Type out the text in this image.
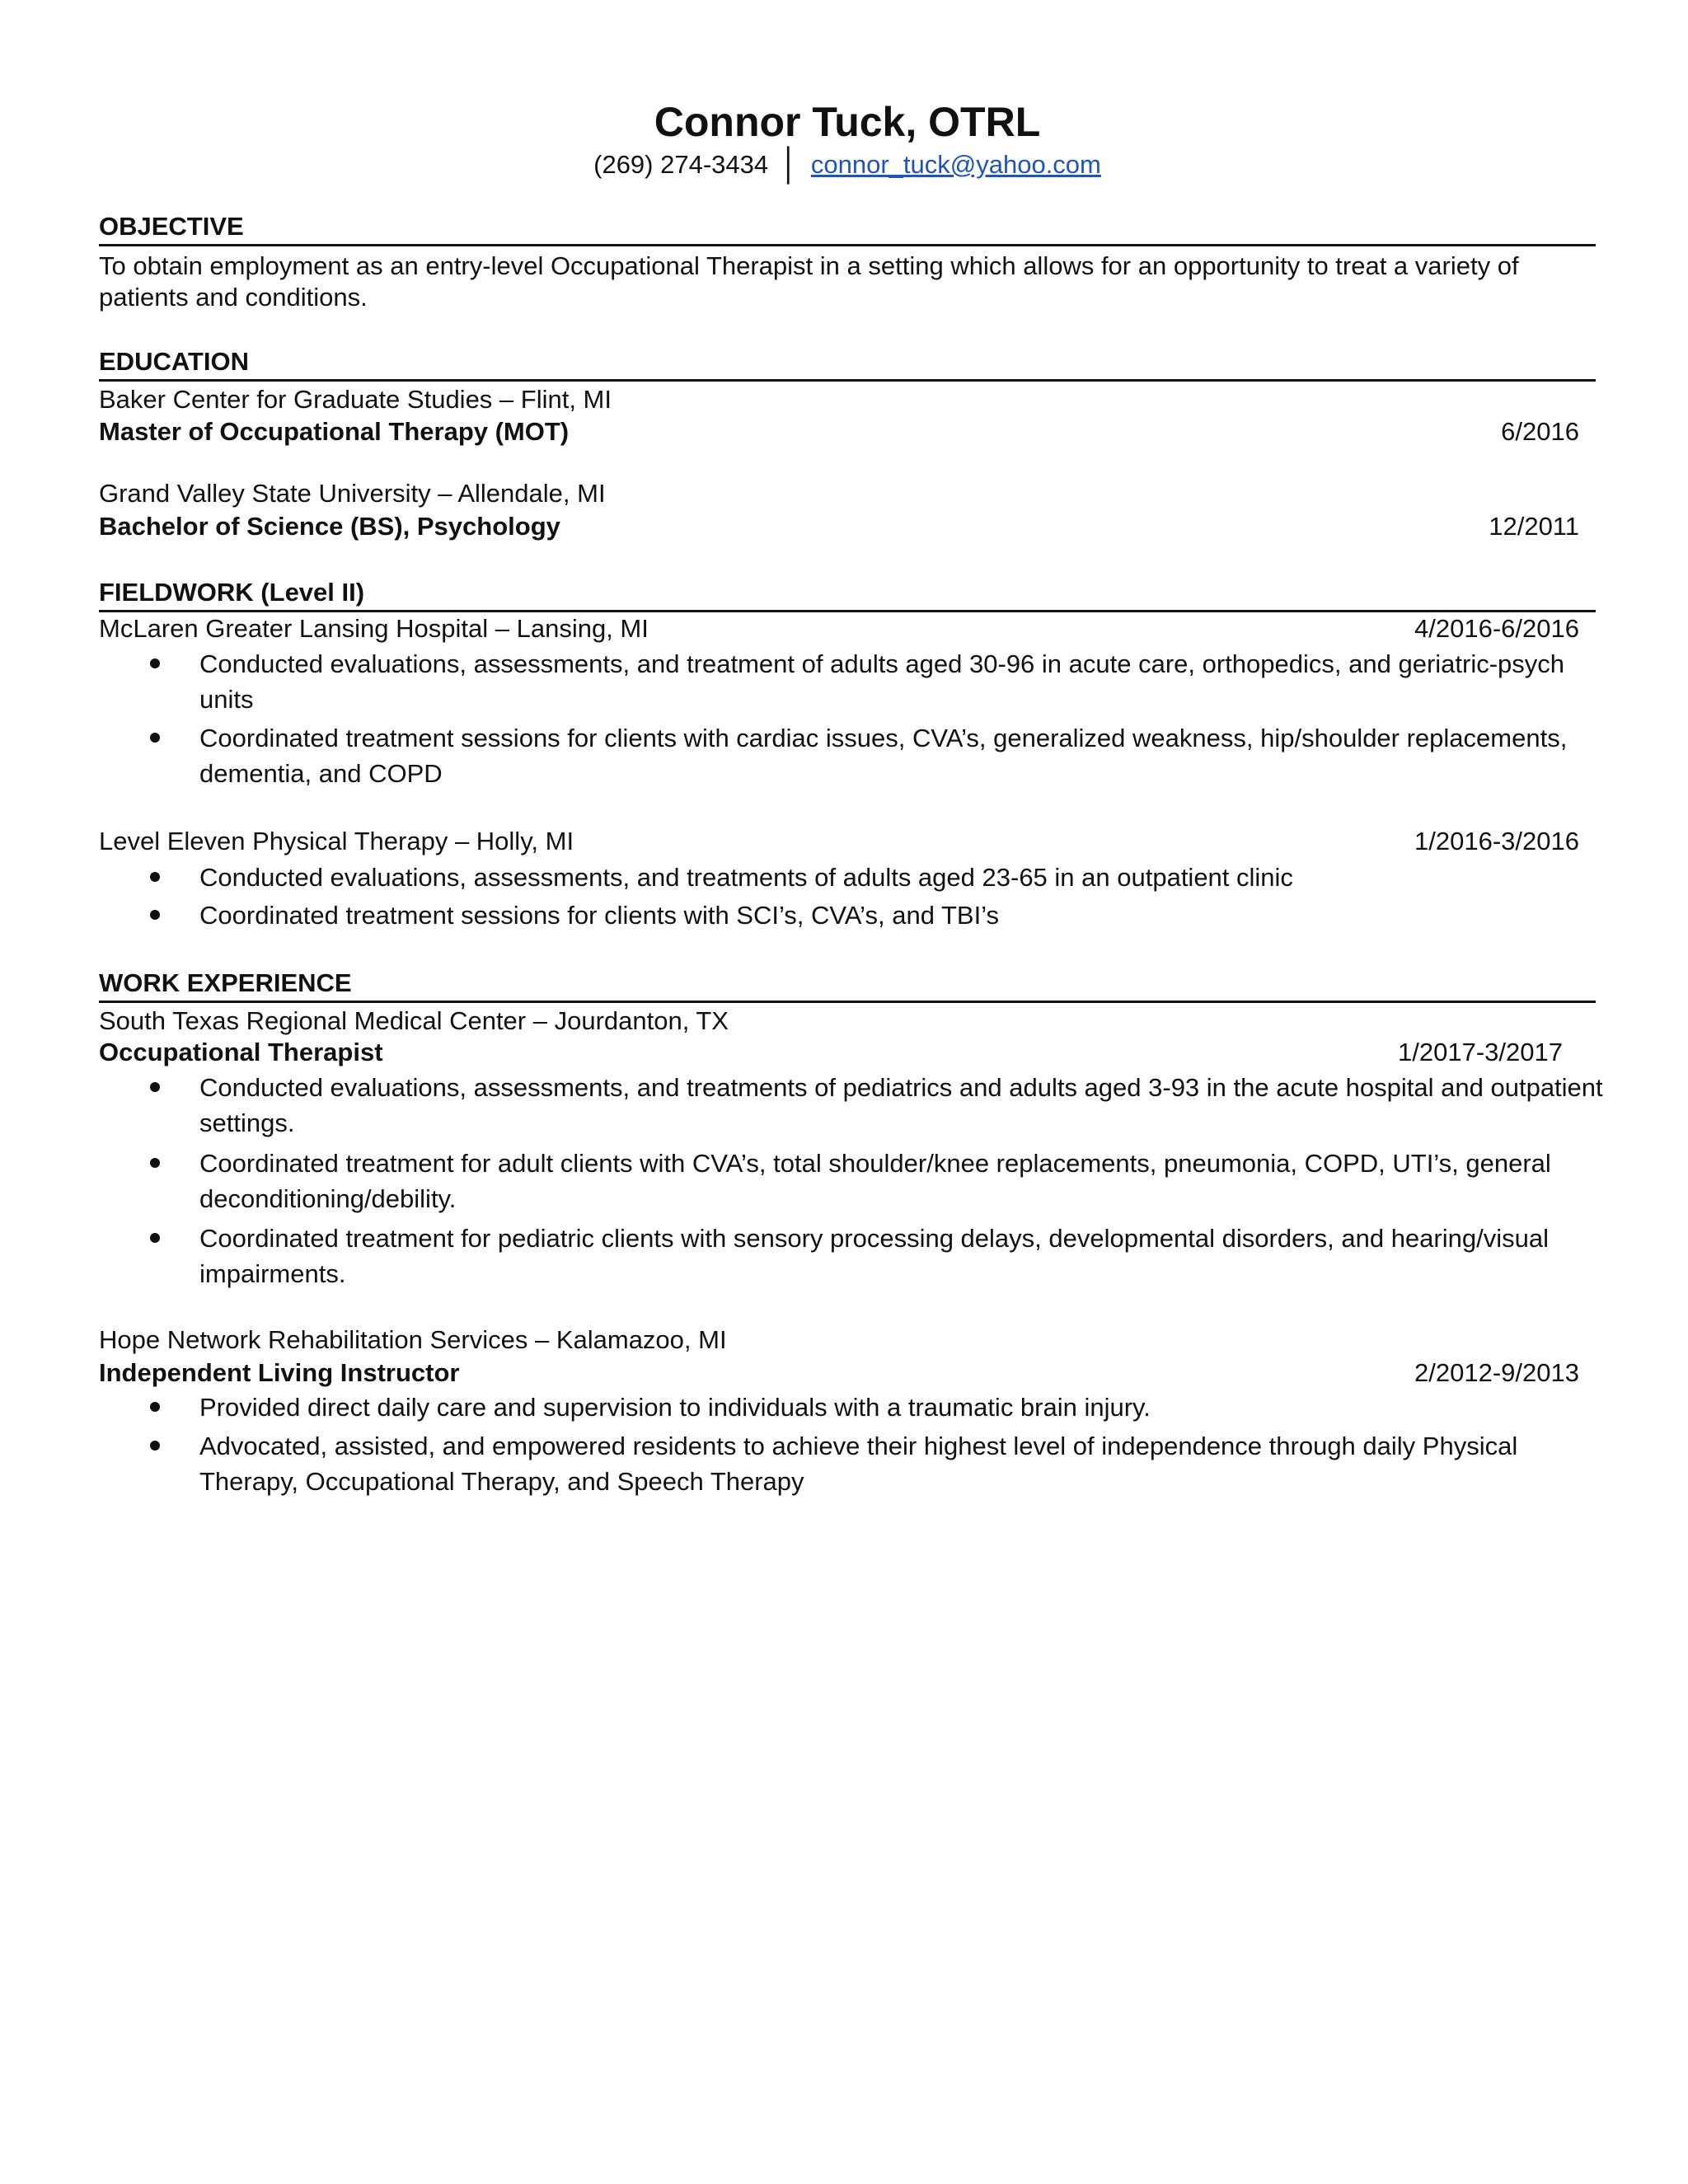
Connor Tuck, OTRL
(269) 274-3434 │ connor_tuck@yahoo.com
OBJECTIVE
To obtain employment as an entry-level Occupational Therapist in a setting which allows for an opportunity to treat a variety of patients and conditions.
EDUCATION
Baker Center for Graduate Studies – Flint, MI
Master of Occupational Therapy (MOT)	6/2016
Grand Valley State University – Allendale, MI
Bachelor of Science (BS), Psychology	12/2011
FIELDWORK (Level II)
McLaren Greater Lansing Hospital – Lansing, MI	4/2016-6/2016
Conducted evaluations, assessments, and treatment of adults aged 30-96 in acute care, orthopedics, and geriatric-psych units
Coordinated treatment sessions for clients with cardiac issues, CVA’s, generalized weakness, hip/shoulder replacements, dementia, and COPD
Level Eleven Physical Therapy – Holly, MI	1/2016-3/2016
Conducted evaluations, assessments, and treatments of adults aged 23-65 in an outpatient clinic
Coordinated treatment sessions for clients with SCI’s, CVA’s, and TBI’s
WORK EXPERIENCE
South Texas Regional Medical Center – Jourdanton, TX
Occupational Therapist	1/2017-3/2017
Conducted evaluations, assessments, and treatments of pediatrics and adults aged 3-93 in the acute hospital and outpatient settings.
Coordinated treatment for adult clients with CVA’s, total shoulder/knee replacements, pneumonia, COPD, UTI’s, general deconditioning/debility.
Coordinated treatment for pediatric clients with sensory processing delays, developmental disorders, and hearing/visual impairments.
Hope Network Rehabilitation Services – Kalamazoo, MI
Independent Living Instructor	2/2012-9/2013
Provided direct daily care and supervision to individuals with a traumatic brain injury.
Advocated, assisted, and empowered residents to achieve their highest level of independence through daily Physical Therapy, Occupational Therapy, and Speech Therapy
